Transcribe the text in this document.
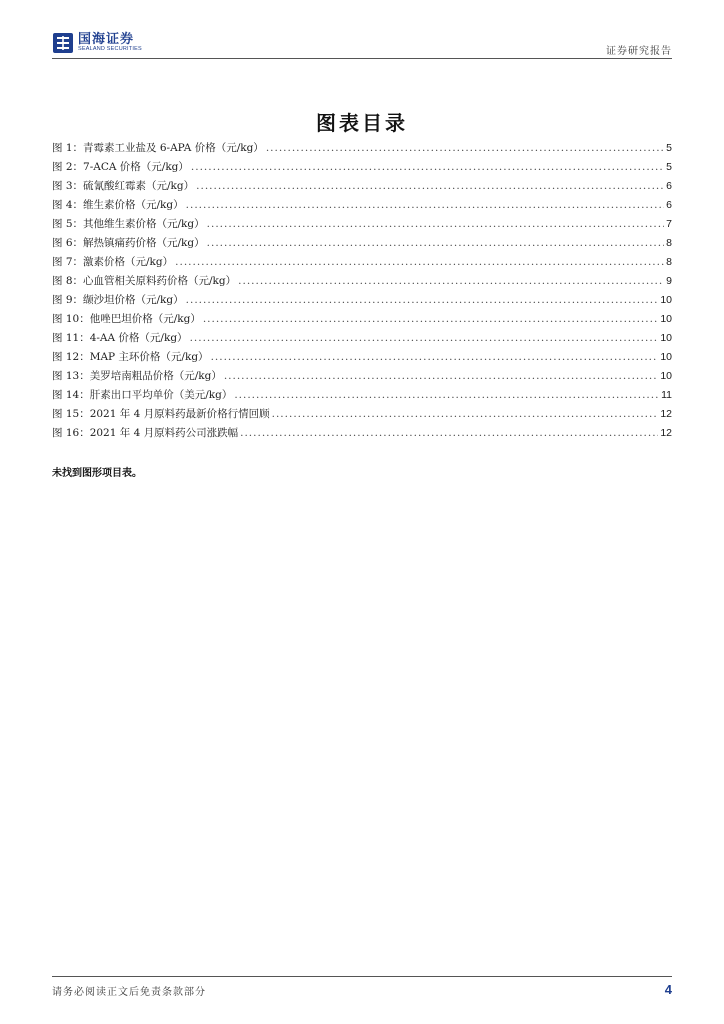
国海证券
SEALAND SECURITIES	证券研究报告
图表目录
图 1：青霉素工业盐及 6-APA 价格（元/kg） .....	5
图 2：7-ACA 价格（元/kg） .....	5
图 3：硫氰酸红霉素（元/kg） .....	6
图 4：维生素价格（元/kg） .....	6
图 5：其他维生素价格（元/kg） .....	7
图 6：解热镇痛药价格（元/kg） .....	8
图 7：激素价格（元/kg） .....	8
图 8：心血管相关原料药价格（元/kg） .....	9
图 9：缬沙坦价格（元/kg） .....	10
图 10：他唑巴坦价格（元/kg） .....	10
图 11：4-AA 价格（元/kg） .....	10
图 12：MAP 主环价格（元/kg） .....	10
图 13：美罗培南粗品价格（元/kg） .....	10
图 14：肝素出口平均单价（美元/kg） .....	11
图 15：2021 年 4 月原料药最新价格行情回顾 .....	12
图 16：2021 年 4 月原料药公司涨跌幅 .....	12
未找到图形项目表。
请务必阅读正文后免责条款部分	4
